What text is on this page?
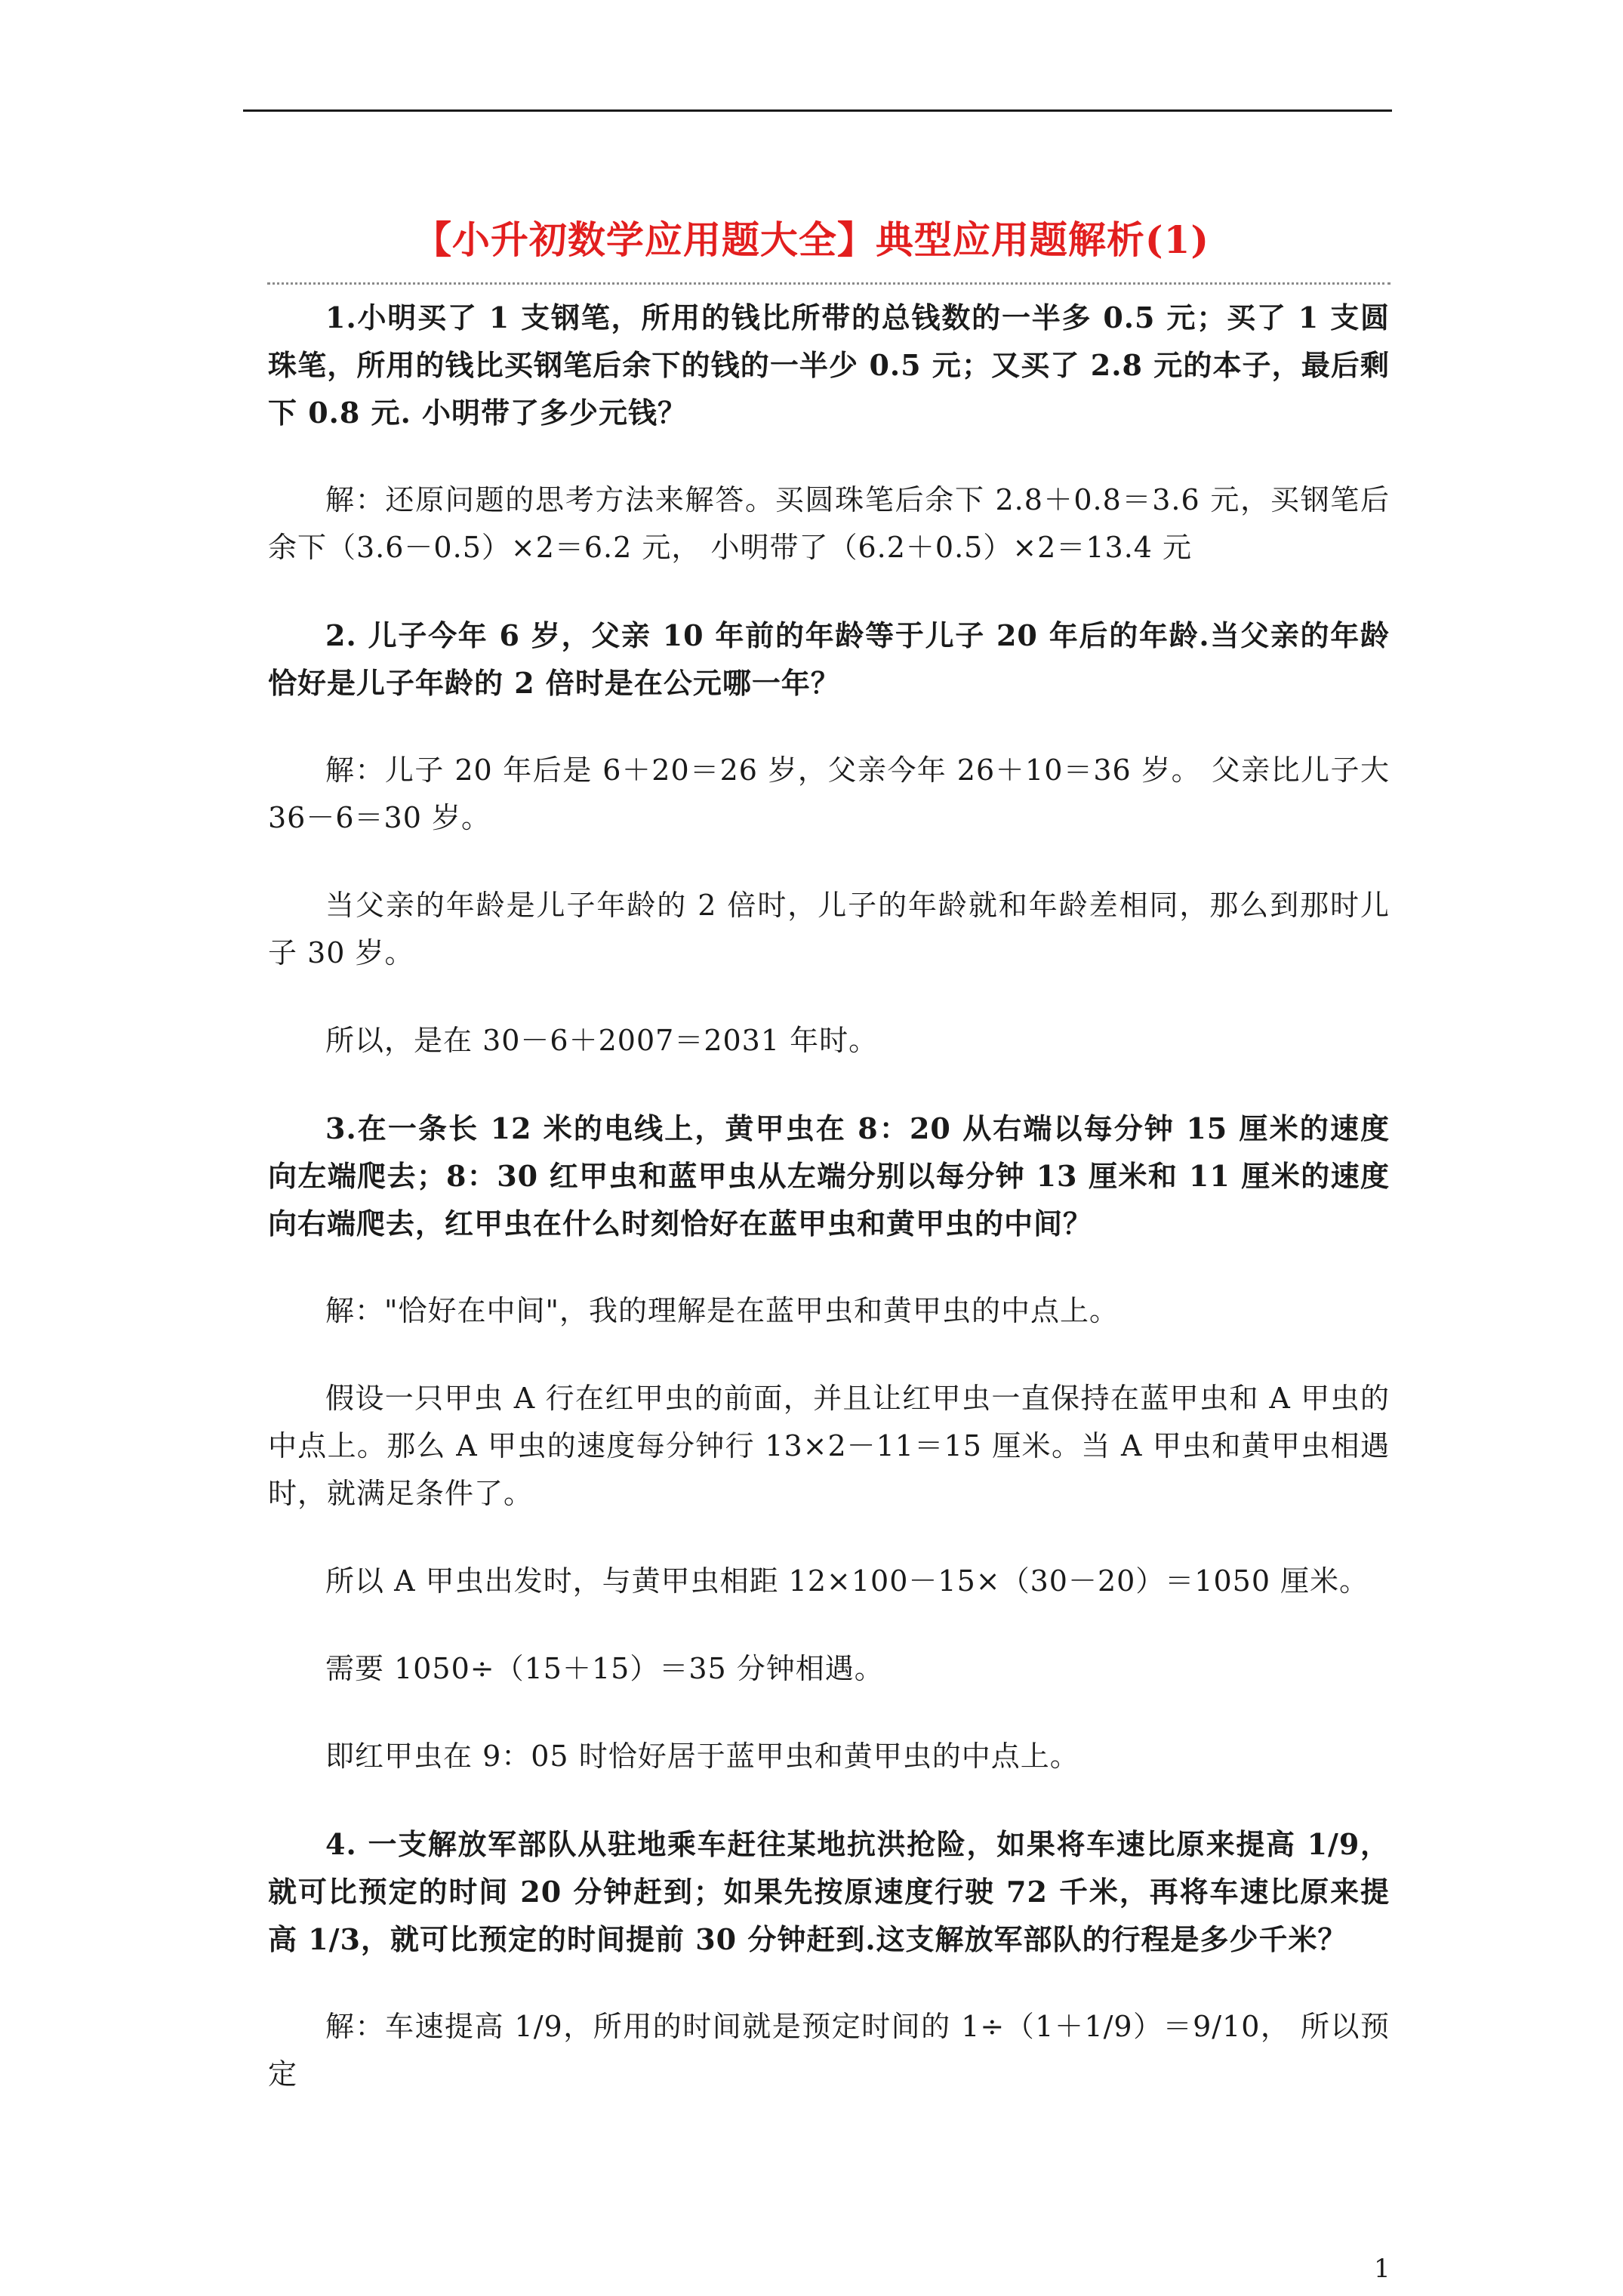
【小升初数学应用题大全】典型应用题解析(1)

1.小明买了 1 支钢笔，所用的钱比所带的总钱数的一半多 0.5 元；买了 1 支圆珠笔，所用的钱比买钢笔后余下的钱的一半少 0.5 元；又买了 2.8 元的本子，最后剩下 0.8 元. 小明带了多少元钱？

解：还原问题的思考方法来解答。买圆珠笔后余下 2.8＋0.8＝3.6 元，买钢笔后余下（3.6－0.5）×2＝6.2 元， 小明带了（6.2＋0.5）×2＝13.4 元

2. 儿子今年 6 岁，父亲 10 年前的年龄等于儿子 20 年后的年龄.当父亲的年龄恰好是儿子年龄的 2 倍时是在公元哪一年？

解：儿子 20 年后是 6＋20＝26 岁，父亲今年 26＋10＝36 岁。 父亲比儿子大 36－6＝30 岁。

当父亲的年龄是儿子年龄的 2 倍时，儿子的年龄就和年龄差相同，那么到那时儿子 30 岁。

所以，是在 30－6＋2007＝2031 年时。

3.在一条长 12 米的电线上，黄甲虫在 8：20 从右端以每分钟 15 厘米的速度向左端爬去；8：30 红甲虫和蓝甲虫从左端分别以每分钟 13 厘米和 11 厘米的速度向右端爬去，红甲虫在什么时刻恰好在蓝甲虫和黄甲虫的中间？

解："恰好在中间"，我的理解是在蓝甲虫和黄甲虫的中点上。

假设一只甲虫 A 行在红甲虫的前面，并且让红甲虫一直保持在蓝甲虫和 A 甲虫的中点上。那么 A 甲虫的速度每分钟行 13×2－11＝15 厘米。当 A 甲虫和黄甲虫相遇时，就满足条件了。

所以 A 甲虫出发时，与黄甲虫相距 12×100－15×（30－20）＝1050 厘米。

需要 1050÷（15＋15）＝35 分钟相遇。

即红甲虫在 9：05 时恰好居于蓝甲虫和黄甲虫的中点上。

4. 一支解放军部队从驻地乘车赶往某地抗洪抢险，如果将车速比原来提高 1/9，就可比预定的时间 20 分钟赶到；如果先按原速度行驶 72 千米，再将车速比原来提高 1/3，就可比预定的时间提前 30 分钟赶到.这支解放军部队的行程是多少千米？

解：车速提高 1/9，所用的时间就是预定时间的 1÷（1＋1/9）＝9/10， 所以预定

1
